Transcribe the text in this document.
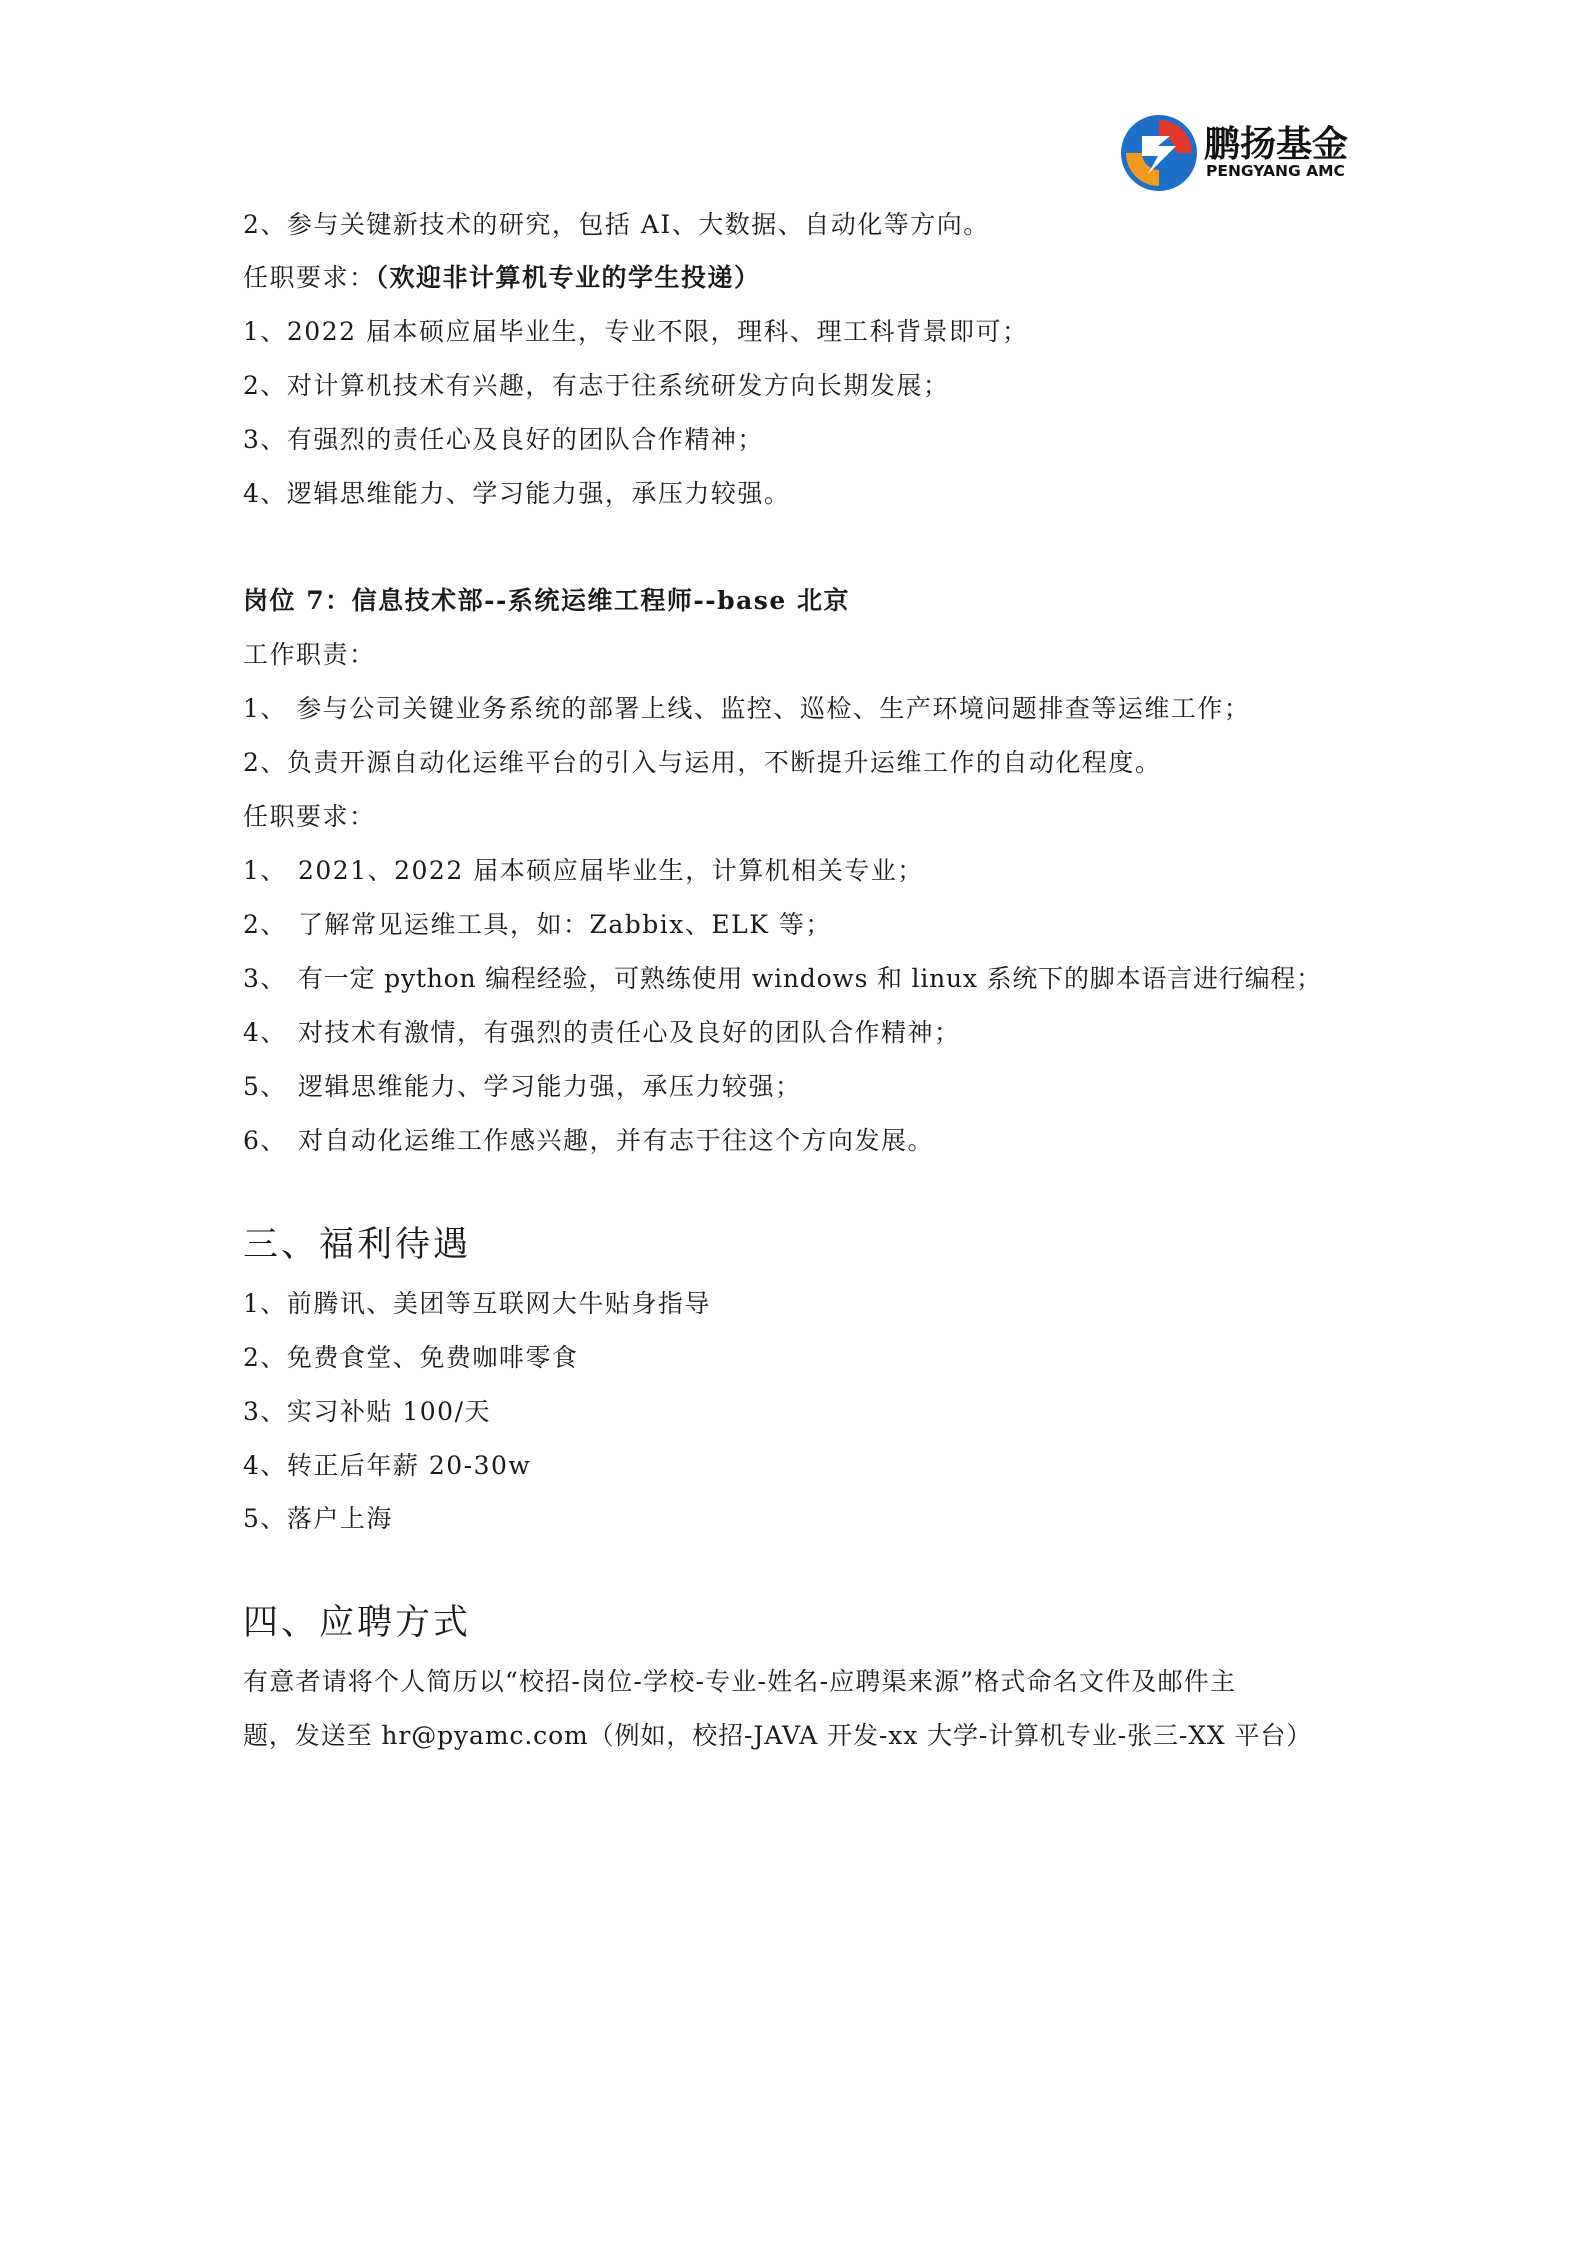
鹏扬基金
PENGYANG AMC
2、参与关键新技术的研究，包括 AI、大数据、自动化等方向。
任职要求：（欢迎非计算机专业的学生投递）
1、2022 届本硕应届毕业生，专业不限，理科、理工科背景即可；
2、对计算机技术有兴趣，有志于往系统研发方向长期发展；
3、有强烈的责任心及良好的团队合作精神；
4、逻辑思维能力、学习能力强，承压力较强。
岗位 7：信息技术部--系统运维工程师--base 北京
工作职责：
1、 参与公司关键业务系统的部署上线、监控、巡检、生产环境问题排查等运维工作；
2、负责开源自动化运维平台的引入与运用，不断提升运维工作的自动化程度。
任职要求：
1、 2021、2022 届本硕应届毕业生，计算机相关专业；
2、 了解常见运维工具，如：Zabbix、ELK 等；
3、 有一定 python 编程经验，可熟练使用 windows 和 linux 系统下的脚本语言进行编程；
4、 对技术有激情，有强烈的责任心及良好的团队合作精神；
5、 逻辑思维能力、学习能力强，承压力较强；
6、 对自动化运维工作感兴趣，并有志于往这个方向发展。
三、福利待遇
1、前腾讯、美团等互联网大牛贴身指导
2、免费食堂、免费咖啡零食
3、实习补贴 100/天
4、转正后年薪 20-30w
5、落户上海
四、应聘方式
有意者请将个人简历以“校招-岗位-学校-专业-姓名-应聘渠来源”格式命名文件及邮件主
题，发送至 hr@pyamc.com（例如，校招-JAVA 开发-xx 大学-计算机专业-张三-XX 平台）
